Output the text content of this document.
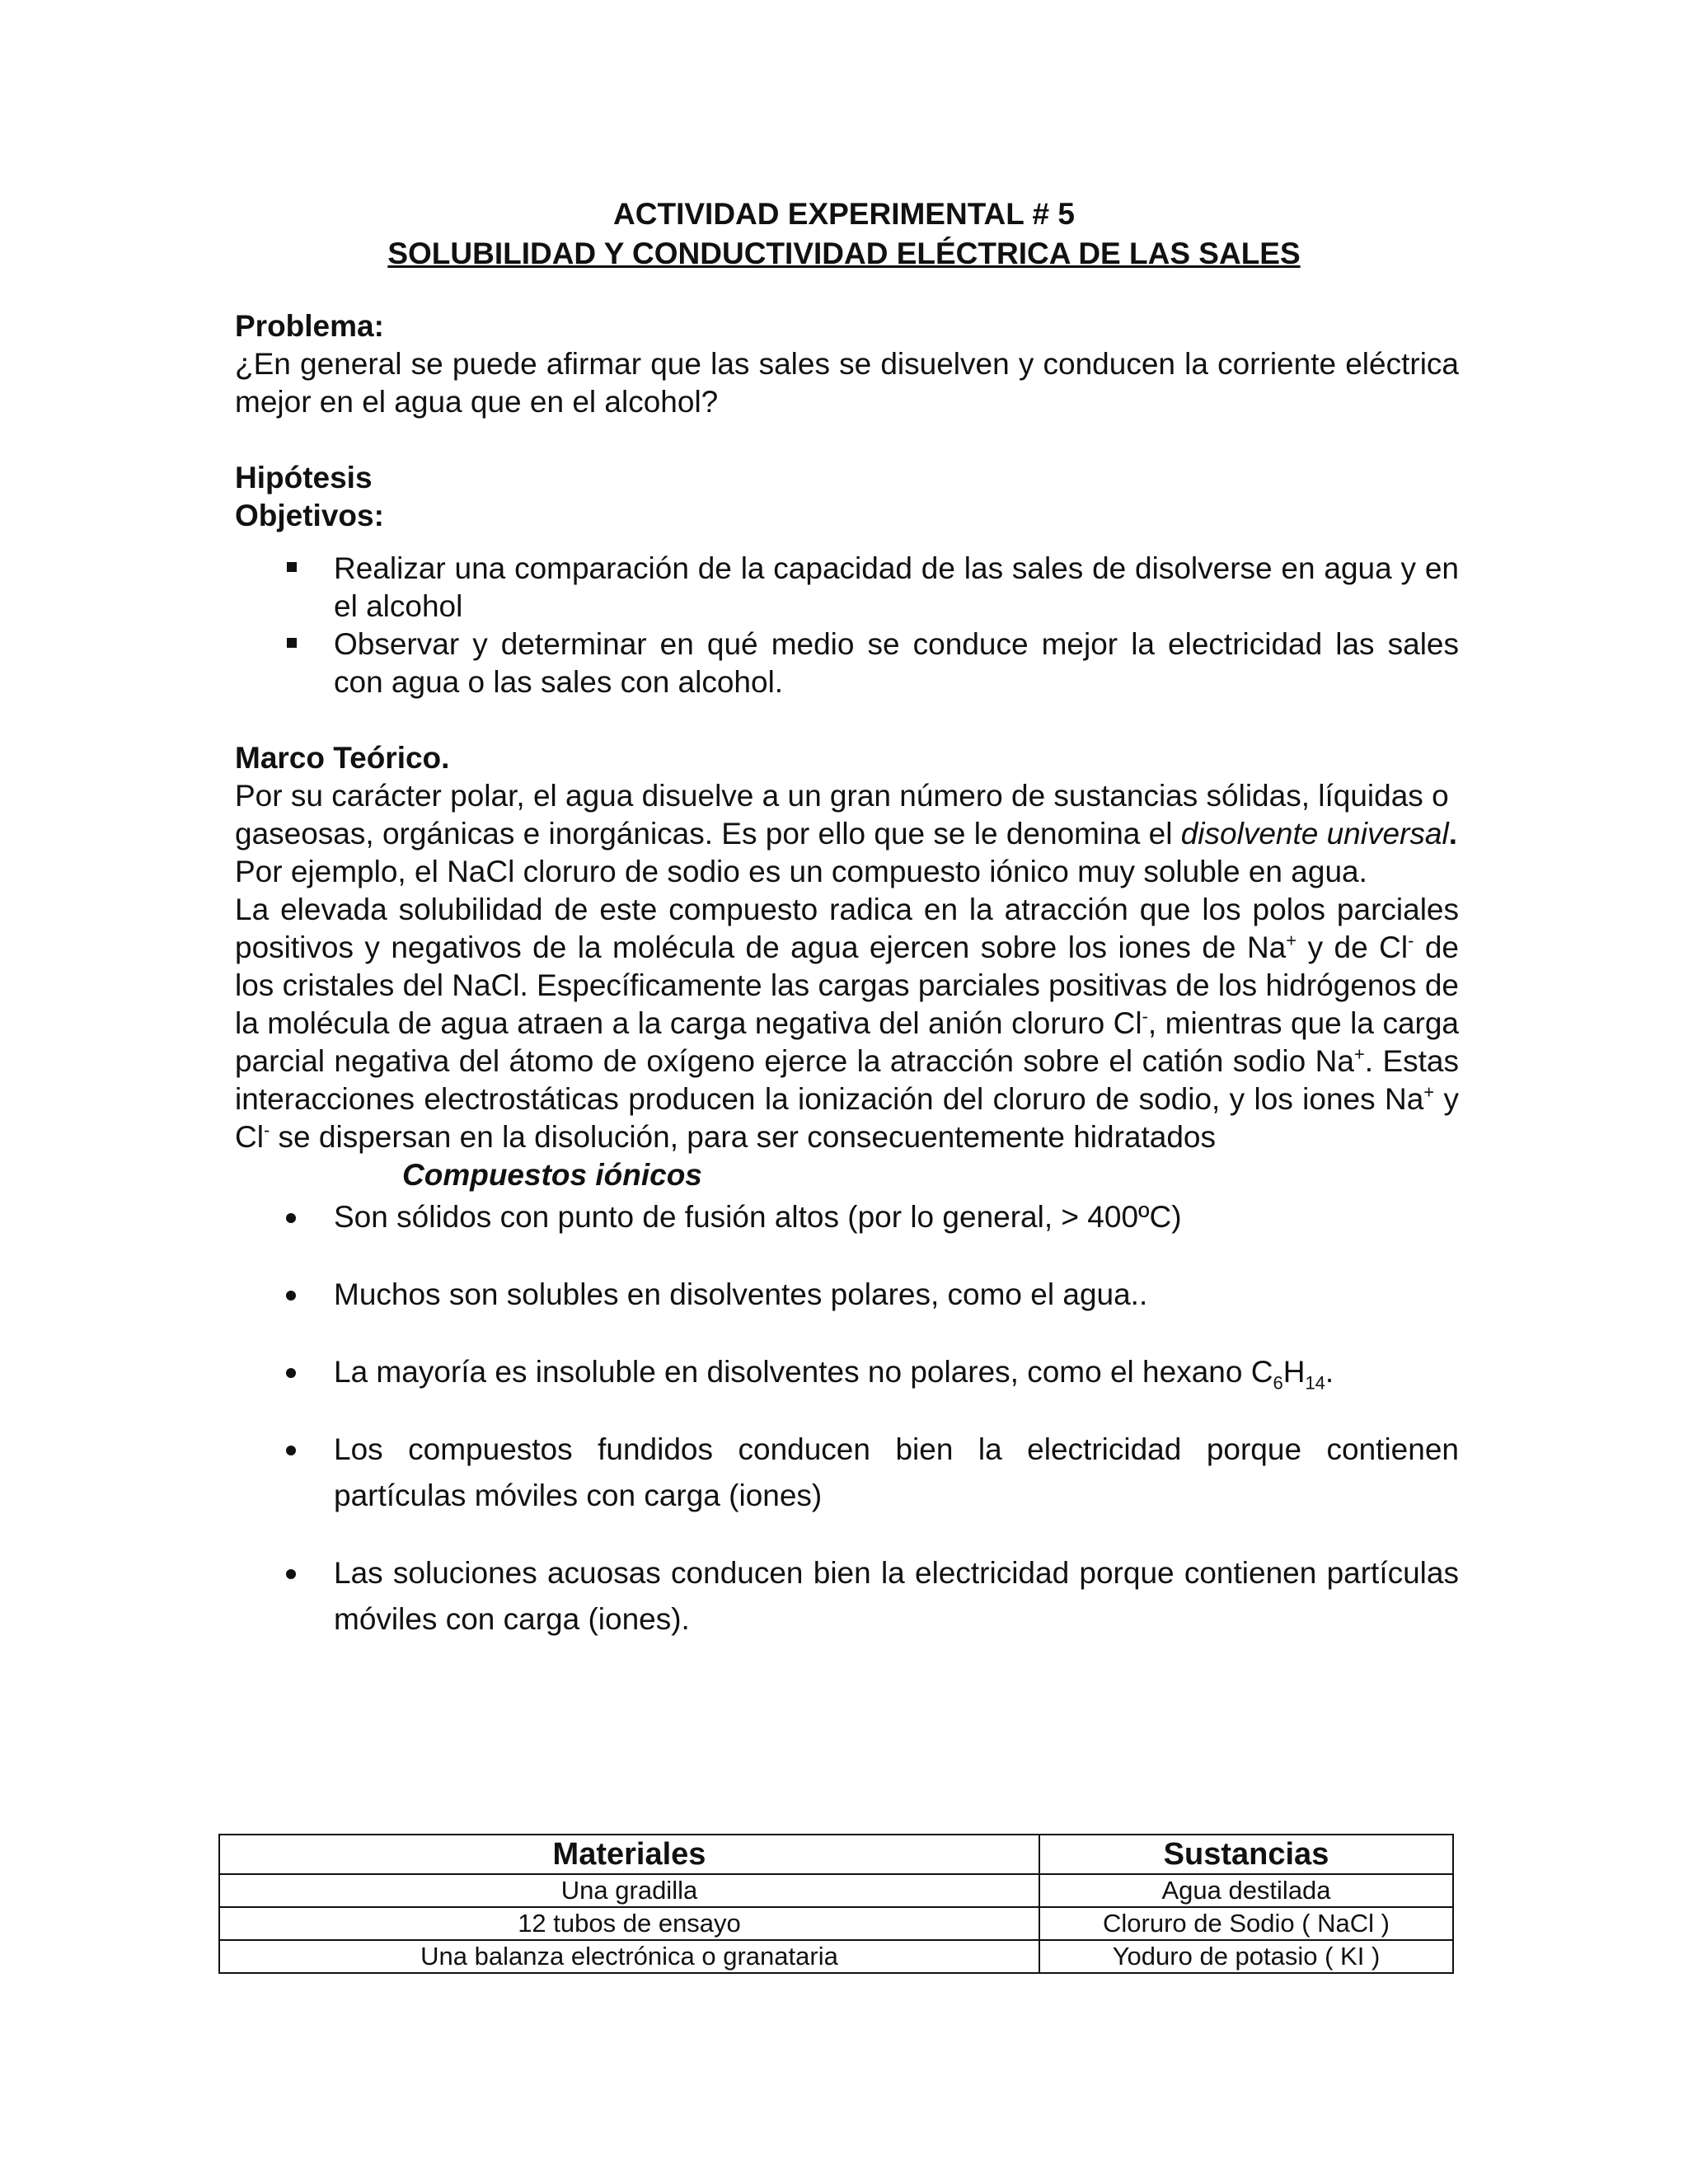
ACTIVIDAD EXPERIMENTAL # 5
SOLUBILIDAD Y CONDUCTIVIDAD ELÉCTRICA DE LAS SALES
Problema:
¿En general se puede afirmar que las sales se disuelven y conducen la corriente eléctrica mejor en el agua que en el alcohol?
Hipótesis
Objetivos:
Realizar una comparación de la capacidad de las sales de disolverse en agua y en el alcohol
Observar y determinar en qué medio se conduce mejor la electricidad las sales con agua o las sales con alcohol.
Marco Teórico.
Por su carácter polar, el agua disuelve a un gran número de sustancias sólidas, líquidas o gaseosas, orgánicas e inorgánicas. Es por ello que se le denomina el disolvente universal. Por ejemplo, el NaCl cloruro de sodio es un compuesto iónico muy soluble en agua.
La elevada solubilidad de este compuesto radica en la atracción que los polos parciales positivos y negativos de la molécula de agua ejercen sobre los iones de Na+ y de Cl- de los cristales del NaCl. Específicamente las cargas parciales positivas de los hidrógenos de la molécula de agua atraen a la carga negativa del anión cloruro Cl-, mientras que la carga parcial negativa del átomo de oxígeno ejerce la atracción sobre el catión sodio Na+. Estas interacciones electrostáticas producen la ionización del cloruro de sodio, y los iones Na+ y Cl- se dispersan en la disolución, para ser consecuentemente hidratados
Compuestos iónicos
Son sólidos con punto de fusión altos (por lo general, > 400ºC)
Muchos son solubles en disolventes polares, como el agua..
La mayoría es insoluble en disolventes no polares, como el hexano $C_6H_{14}$.
Los compuestos fundidos conducen bien la electricidad porque contienen partículas móviles con carga (iones)
Las soluciones acuosas conducen bien la electricidad porque contienen partículas móviles con carga (iones).
Materiales	Sustancias
Una gradilla	Agua destilada
12 tubos de ensayo	Cloruro de Sodio ( NaCl )
Una balanza electrónica o granataria	Yoduro de potasio ( KI )
